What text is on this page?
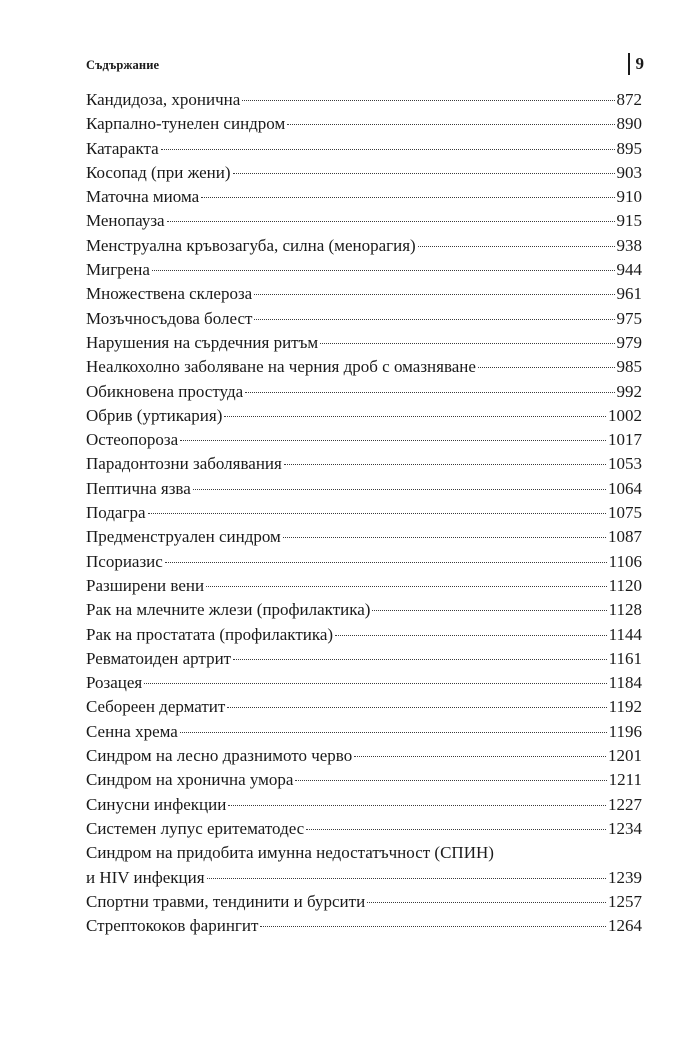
Съдържание	9
Кандидоза, хронична	872
Карпално-тунелен синдром	890
Катаракта	895
Косопад (при жени)	903
Маточна миома	910
Менопауза	915
Менструална кръвозагуба, силна (менорагия)	938
Мигрена	944
Множествена склероза	961
Мозъчносъдова болест	975
Нарушения на сърдечния ритъм	979
Неалкохолно заболяване на черния дроб с омазняване	985
Обикновена простуда	992
Обрив (уртикария)	1002
Остеопороза	1017
Парадонтозни заболявания	1053
Пептична язва	1064
Подагра	1075
Предменструален синдром	1087
Псориазис	1106
Разширени вени	1120
Рак на млечните жлези (профилактика)	1128
Рак на простатата (профилактика)	1144
Ревматоиден артрит	1161
Розацея	1184
Себореен дерматит	1192
Сенна хрема	1196
Синдром на лесно дразнимото черво	1201
Синдром на хронична умора	1211
Синусни инфекции	1227
Системен лупус еритематодес	1234
Синдром на придобита имунна недостатъчност (СПИН)
и HIV инфекция	1239
Спортни травми, тендинити и бурсити	1257
Стрептококов фарингит	1264
